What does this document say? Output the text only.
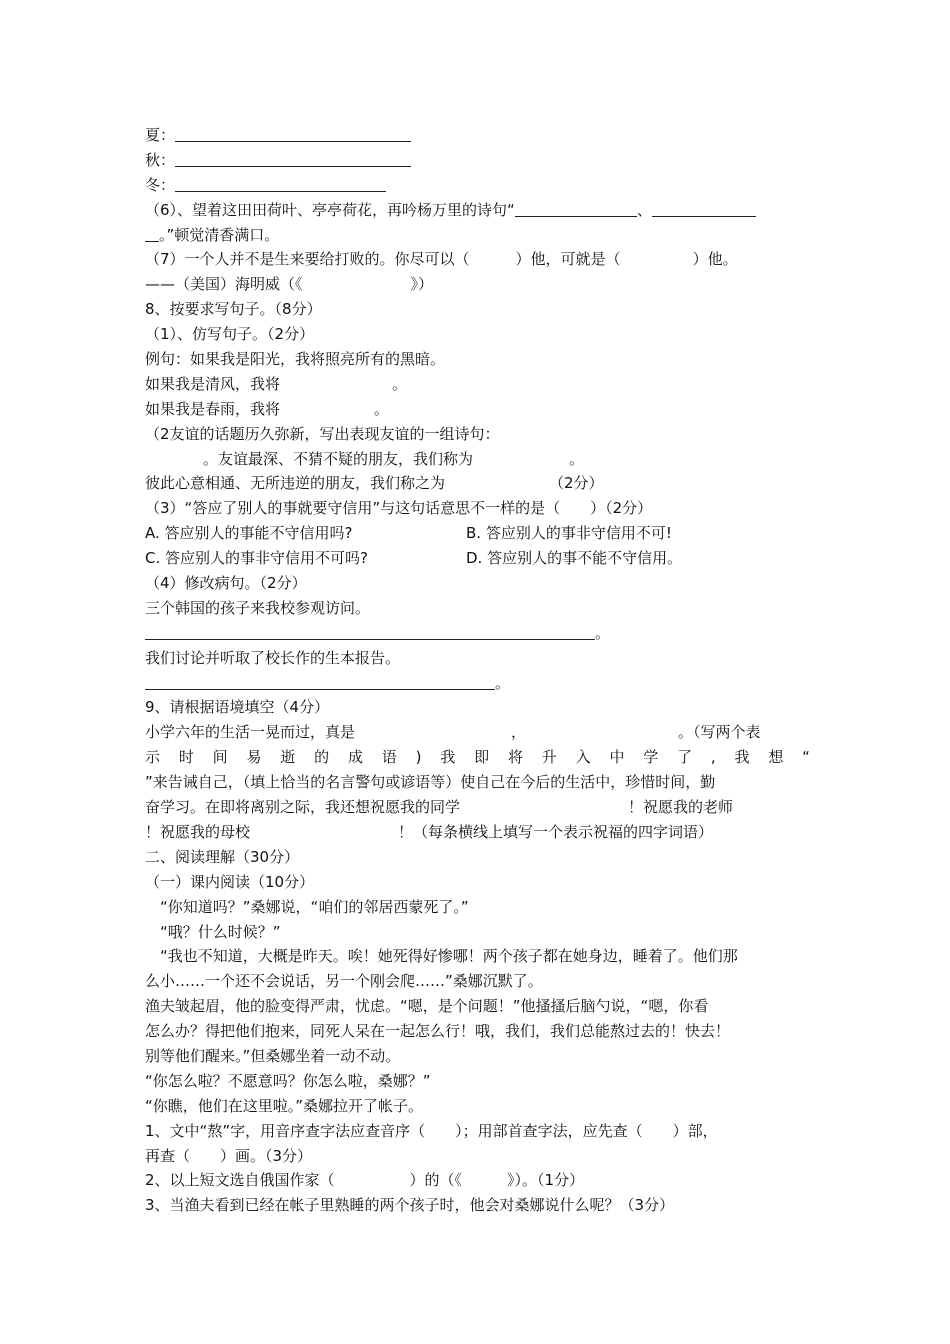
夏：
秋：
冬：
（6）、望着这田田荷叶、亭亭荷花，再吟杨万里的诗句“	、
。”顿觉清香满口。
（7）一个人并不是生来要给打败的。你尽可以（	）他，可就是（	）他。
——（美国）海明威（《	》）
8、按要求写句子。（8分）
（1）、仿写句子。（2分）
例句：如果我是阳光，我将照亮所有的黑暗。
如果我是清风，我将	。
如果我是春雨，我将	。
（2友谊的话题历久弥新，写出表现友谊的一组诗句：
。友谊最深、不猜不疑的朋友，我们称为	。
彼此心意相通、无所违逆的朋友，我们称之为	（2分）
（3）“答应了别人的事就要守信用”与这句话意思不一样的是（　　）（2分）
A. 答应别人的事能不守信用吗?	B. 答应别人的事非守信用不可!
C. 答应别人的事非守信用不可吗?	D. 答应别人的事不能不守信用。
（4）修改病句。（2分）
三个韩国的孩子来我校参观访问。
。
我们讨论并听取了校长作的生本报告。
。
9、请根据语境填空（4分）
小学六年的生活一晃而过，真是	，	。（写两个表
示 时 间 易 逝 的 成 语 ) 我 即 将 升 入 中 学 了 , 我 想 “
”来告诫自己，（填上恰当的名言警句或谚语等）使自己在今后的生活中，珍惜时间，勤
奋学习。在即将离别之际，我还想祝愿我的同学	！祝愿我的老师
！祝愿我的母校	！（每条横线上填写一个表示祝福的四字词语）
二、阅读理解（30分）
（一）课内阅读（10分）
“你知道吗？”桑娜说，“咱们的邻居西蒙死了。”
“哦？什么时候？”
“我也不知道，大概是昨天。唉！她死得好惨哪！两个孩子都在她身边，睡着了。他们那
么小……一个还不会说话，另一个刚会爬……”桑娜沉默了。
渔夫皱起眉，他的脸变得严肃，忧虑。“嗯，是个问题！”他搔搔后脑勺说，“嗯，你看
怎么办？得把他们抱来，同死人呆在一起怎么行！哦，我们，我们总能熬过去的！快去！
别等他们醒来。”但桑娜坐着一动不动。
“你怎么啦？不愿意吗？你怎么啦，桑娜？”
“你瞧，他们在这里啦。”桑娜拉开了帐子。
1、文中“熬”字，用音序查字法应查音序（　　）；用部首查字法，应先查（　　）部，
再查（　　）画。（3分）
2、以上短文选自俄国作家（　　　　　）的（《　　　》）。（1分）
3、当渔夫看到已经在帐子里熟睡的两个孩子时，他会对桑娜说什么呢？（3分）
